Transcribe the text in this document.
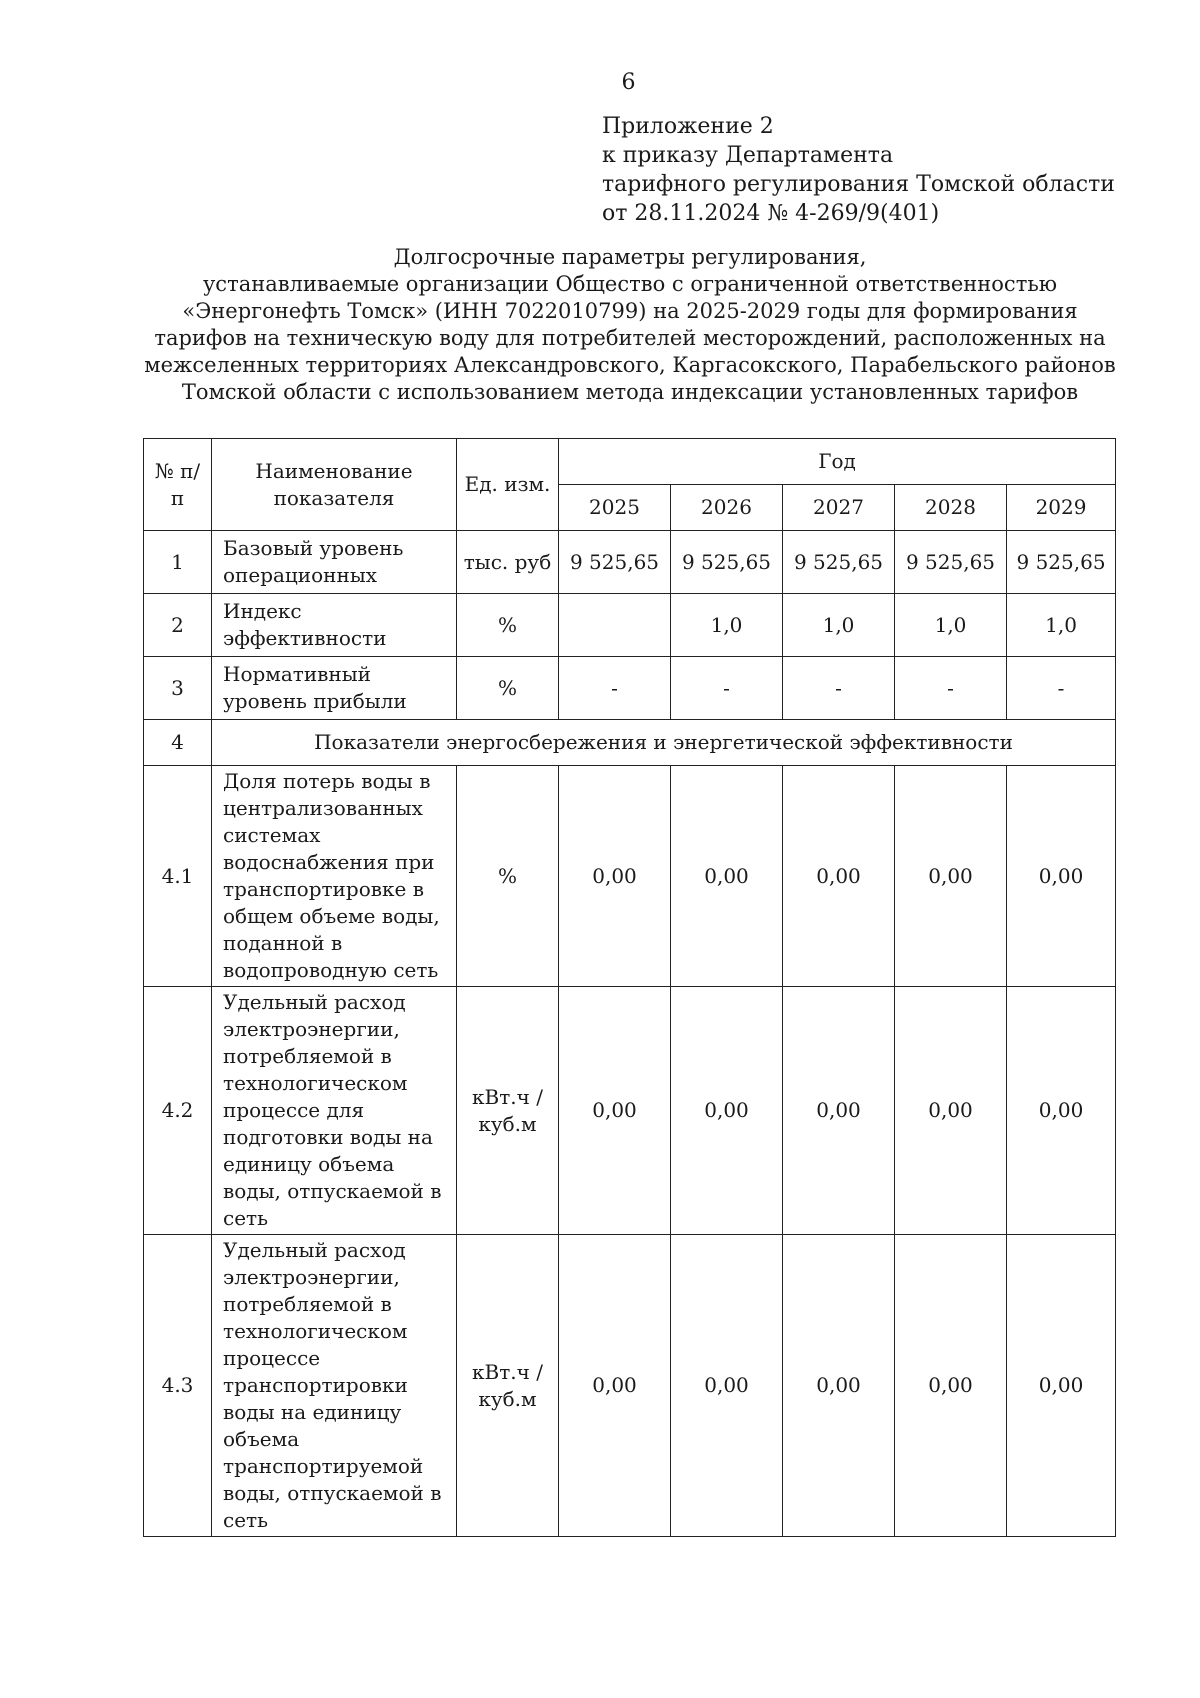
6
Приложение 2
к приказу Департамента
тарифного регулирования Томской области
от 28.11.2024 № 4-269/9(401)
Долгосрочные параметры регулирования,
устанавливаемые организации Общество с ограниченной ответственностью
«Энергонефть Томск» (ИНН 7022010799) на 2025-2029 годы для формирования
тарифов на техническую воду для потребителей месторождений, расположенных на
межселенных территориях Александровского, Каргасокского, Парабельского районов
Томской области с использованием метода индексации установленных тарифов
№ п/п	Наименование показателя	Ед. изм.	Год				
			2025	2026	2027	2028	2029
1	Базовый уровень операционных	тыс. руб	9 525,65	9 525,65	9 525,65	9 525,65	9 525,65
2	Индекс эффективности	%		1,0	1,0	1,0	1,0
3	Нормативный уровень прибыли	%	-	-	-	-	-
4	Показатели энергосбережения и энергетической эффективности						
4.1	Доля потерь воды в централизованных системах водоснабжения при транспортировке в общем объеме воды, поданной в водопроводную сеть	%	0,00	0,00	0,00	0,00	0,00
4.2	Удельный расход электроэнергии, потребляемой в технологическом процессе для подготовки воды на единицу объема воды, отпускаемой в сеть	кВт.ч / куб.м	0,00	0,00	0,00	0,00	0,00
4.3	Удельный расход электроэнергии, потребляемой в технологическом процессе транспортировки воды на единицу объема транспортируемой воды, отпускаемой в сеть	кВт.ч / куб.м	0,00	0,00	0,00	0,00	0,00
